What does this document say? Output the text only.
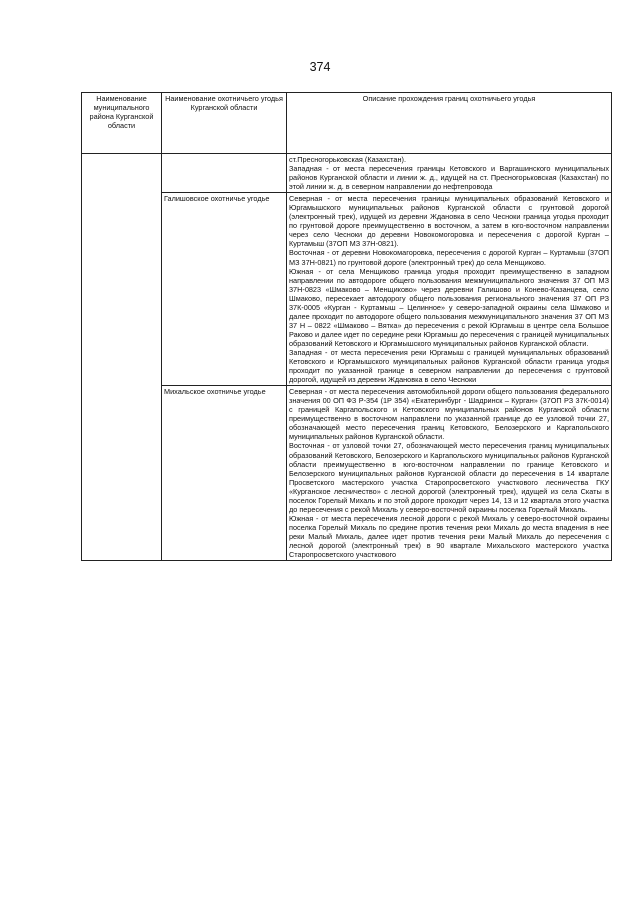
374
Наименование муниципального района Курганской области	Наименование охотничьего угодья Курганской области	Описание прохождения границ охотничьего угодья

		ст.Пресногорьковская (Казахстан).

Западная - от места пересечения границы Кетовского и Варгашинского муниципальных районов Курганской области и линии ж. д., идущей на ст. Пресногорьковская (Казахстан) по этой линии ж. д. в северном направлении до нефтепровода

	Галишовское охотничье угодье	Северная - от места пересечения границы муниципальных образований Кетовского и Юргамышского муниципальных районов Курганской области с грунтовой дорогой (электронный трек), идущей из деревни Ждановка в село Чесноки граница угодья проходит по грунтовой дороге преимущественно в восточном, а затем в юго-восточном направлении через село Чесноки до деревни Новокомогоровка и пересечения с дорогой Курган – Куртамыш (37ОП МЗ 37Н-0821).

Восточная - от деревни Новокомагоровка, пересечения с дорогой Курган – Куртамыш (37ОП МЗ 37Н-0821) по грунтовой дороге (электронный трек) до села Менщиково.

Южная - от села Менщиково граница угодья проходит преимущественно в западном направлении по автодороге общего пользования межмуниципального значения 37 ОП МЗ 37Н-0823 «Шмаково – Менщиково» через деревни Галишово и Конево-Казанцева, село Шмаково, пересекает автодорогу общего пользования регионального значения 37 ОП РЗ 37К-0005 «Курган - Куртамыш – Целинное» у северо-западной окраины села Шмаково и далее проходит по автодороге общего пользования межмуниципального значения 37 ОП МЗ 37 Н – 0822 «Шмаково – Вятка» до пересечения с рекой Юргамыш в центре села Большое Раково и далее идет по середине реки Юргамыш до пересечения с границей муниципальных образований Кетовского и Юргамышского муниципальных районов Курганской области.

Западная - от места пересечения реки Юргамыш с границей муниципальных образований Кетовского и Юргамышского муниципальных районов Курганской области граница угодья проходит по указанной границе в северном направлении до пересечения с грунтовой дорогой, идущей из деревни Ждановка в село Чесноки

	Михальское охотничье угодье	Северная - от места пересечения автомобильной дороги общего пользования федерального значения 00 ОП ФЗ Р-354 (1Р 354) «Екатеринбург - Шадринск – Курган» (37ОП РЗ 37К-0014) с границей Каргапольского и Кетовского муниципальных районов Курганской области преимущественно в восточном направлени по указанной границе до ее узловой точки 27, обозначающей место пересечения границ Кетовского, Белозерского и Каргапольского муниципальных районов Курганской области.

Восточная - от узловой точки 27, обозначающей место пересечения границ муниципальных образований Кетовского, Белозерского и Каргапольского муниципальных районов Курганской области преимущественно в юго-восточном направлении по границе Кетовского и Белозерского муниципальных районов Курганской области до пересечения в 14 квартале Просветского мастерского участка Старопросветского участкового лесничества ГКУ «Курганское лесничество» с лесной дорогой (электронный трек), идущей из села Скаты в поселок Горелый Михаль и по этой дороге проходит через 14, 13 и 12 квартала этого участка до пересечения с рекой Михаль у северо-восточной окраины поселка Горелый Михаль.

Южная - от места пересечения лесной дороги с рекой Михаль у северо-восточной окраины поселка Горелый Михаль по средине против течения реки Михаль до места впадения в нее реки Малый Михаль, далее идет против течения реки Малый Михаль до пересечения с лесной дорогой (электронный трек) в 90 квартале Михальского мастерского участка Старопросветского участкового
